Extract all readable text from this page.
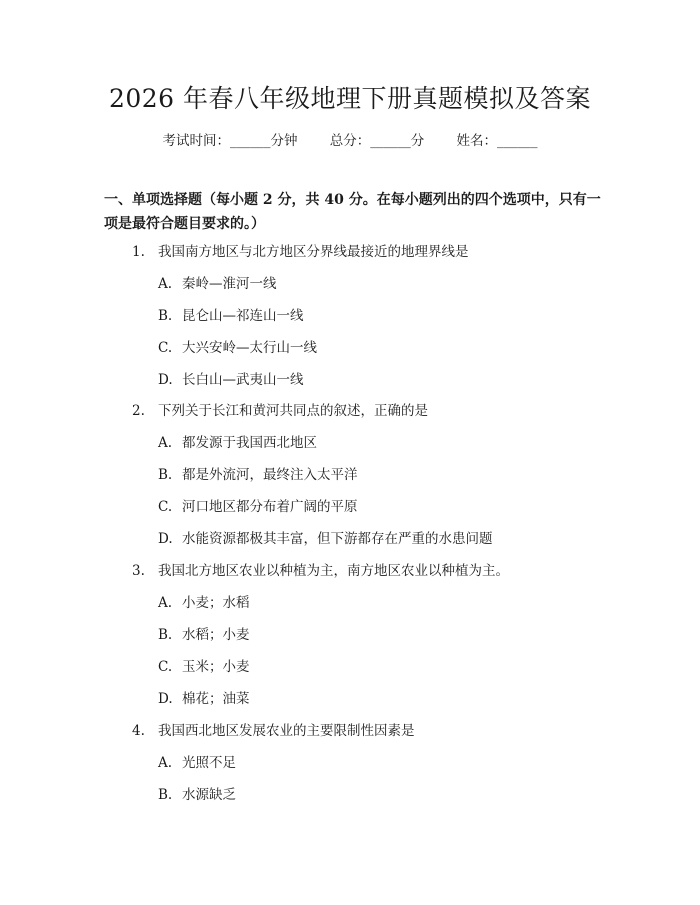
2026 年春八年级地理下册真题模拟及答案
考试时间：______分钟 总分：______分 姓名：______

一、单项选择题（每小题 2 分，共 40 分。在每小题列出的四个选项中，只有一项是最符合题目要求的。）

1. 我国南方地区与北方地区分界线最接近的地理界线是
A. 秦岭—淮河一线
B. 昆仑山—祁连山一线
C. 大兴安岭—太行山一线
D. 长白山—武夷山一线
2. 下列关于长江和黄河共同点的叙述，正确的是
A. 都发源于我国西北地区
B. 都是外流河，最终注入太平洋
C. 河口地区都分布着广阔的平原
D. 水能资源都极其丰富，但下游都存在严重的水患问题
3. 我国北方地区农业以种植为主，南方地区农业以种植为主。
A. 小麦；水稻
B. 水稻；小麦
C. 玉米；小麦
D. 棉花；油菜
4. 我国西北地区发展农业的主要限制性因素是
A. 光照不足
B. 水源缺乏
